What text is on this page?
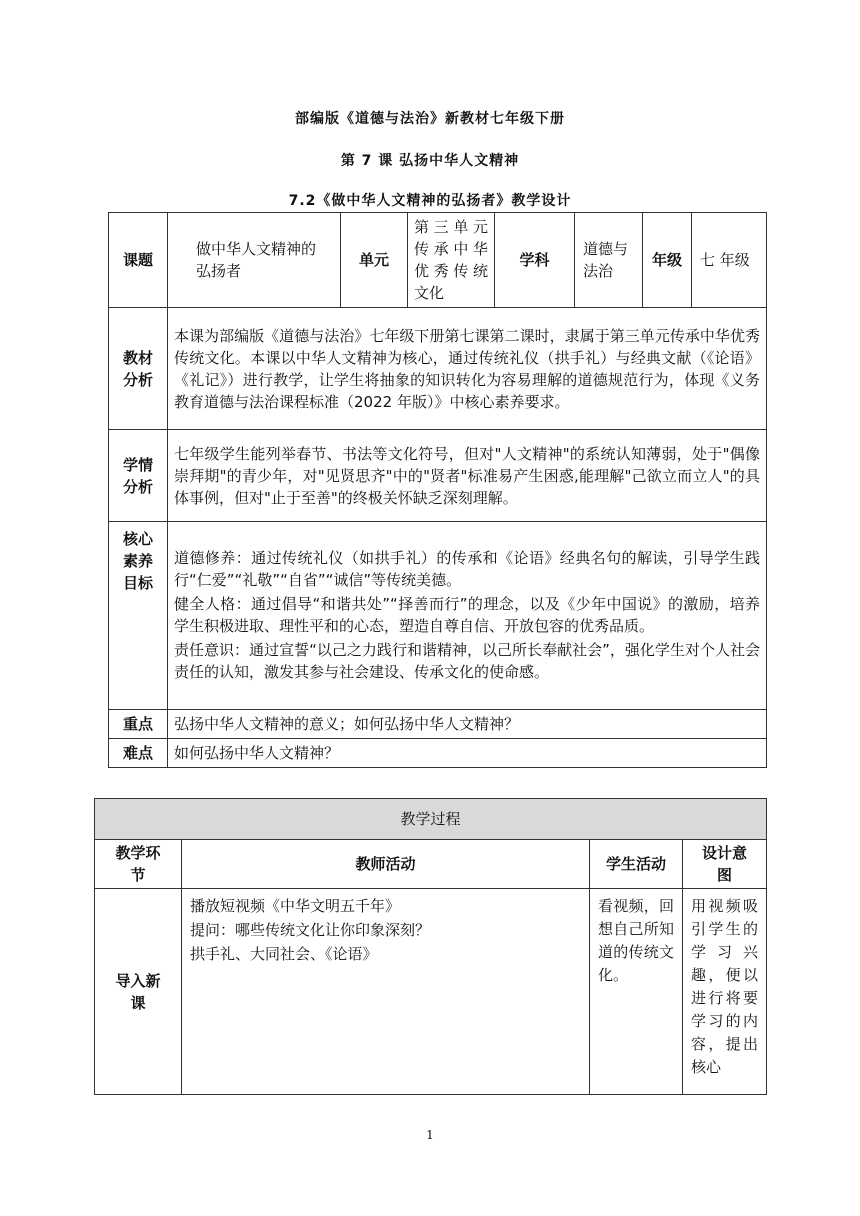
部编版《道德与法治》新教材七年级下册
第 7 课 弘扬中华人文精神
7.2《做中华人文精神的弘扬者》教学设计
课题	做中华人文精神的弘扬者	单元	第三单元 传承中华优秀传统文化	学科	道德与法治	年级	七 年级
教材分析	本课为部编版《道德与法治》七年级下册第七课第二课时，隶属于第三单元传承中华优秀传统文化。本课以中华人文精神为核心，通过传统礼仪（拱手礼）与经典文献（《论语》《礼记》）进行教学，让学生将抽象的知识转化为容易理解的道德规范行为，体现《义务教育道德与法治课程标准（2022 年版）》中核心素养要求。						
学情分析	七年级学生能列举春节、书法等文化符号，但对"人文精神"的系统认知薄弱，处于"偶像崇拜期"的青少年，对"见贤思齐"中的"贤者"标准易产生困惑,能理解"己欲立而立人"的具体事例，但对"止于至善"的终极关怀缺乏深刻理解。						
核心素养目标	道德修养：通过传统礼仪（如拱手礼）的传承和《论语》经典名句的解读，引导学生践行“仁爱”“礼敬”“自省”“诚信”等传统美德。

健全人格：通过倡导“和谐共处”“择善而行”的理念，以及《少年中国说》的激励，培养学生积极进取、理性平和的心态，塑造自尊自信、开放包容的优秀品质。

责任意识：通过宣誓“以己之力践行和谐精神，以己所长奉献社会”，强化学生对个人社会责任的认知，激发其参与社会建设、传承文化的使命感。						

重点	弘扬中华人文精神的意义；如何弘扬中华人文精神？						
难点	如何弘扬中华人文精神？						
教学过程			
教学环节	教师活动	学生活动	设计意图
导入新课	播放短视频《中华文明五千年》

提问：哪些传统文化让你印象深刻？

拱手礼、大同社会、《论语》	看视频，回想自己所知道的传统文化。	用视频吸引学生的学习兴趣，便以进行将要学习的内容，提出核心
1
